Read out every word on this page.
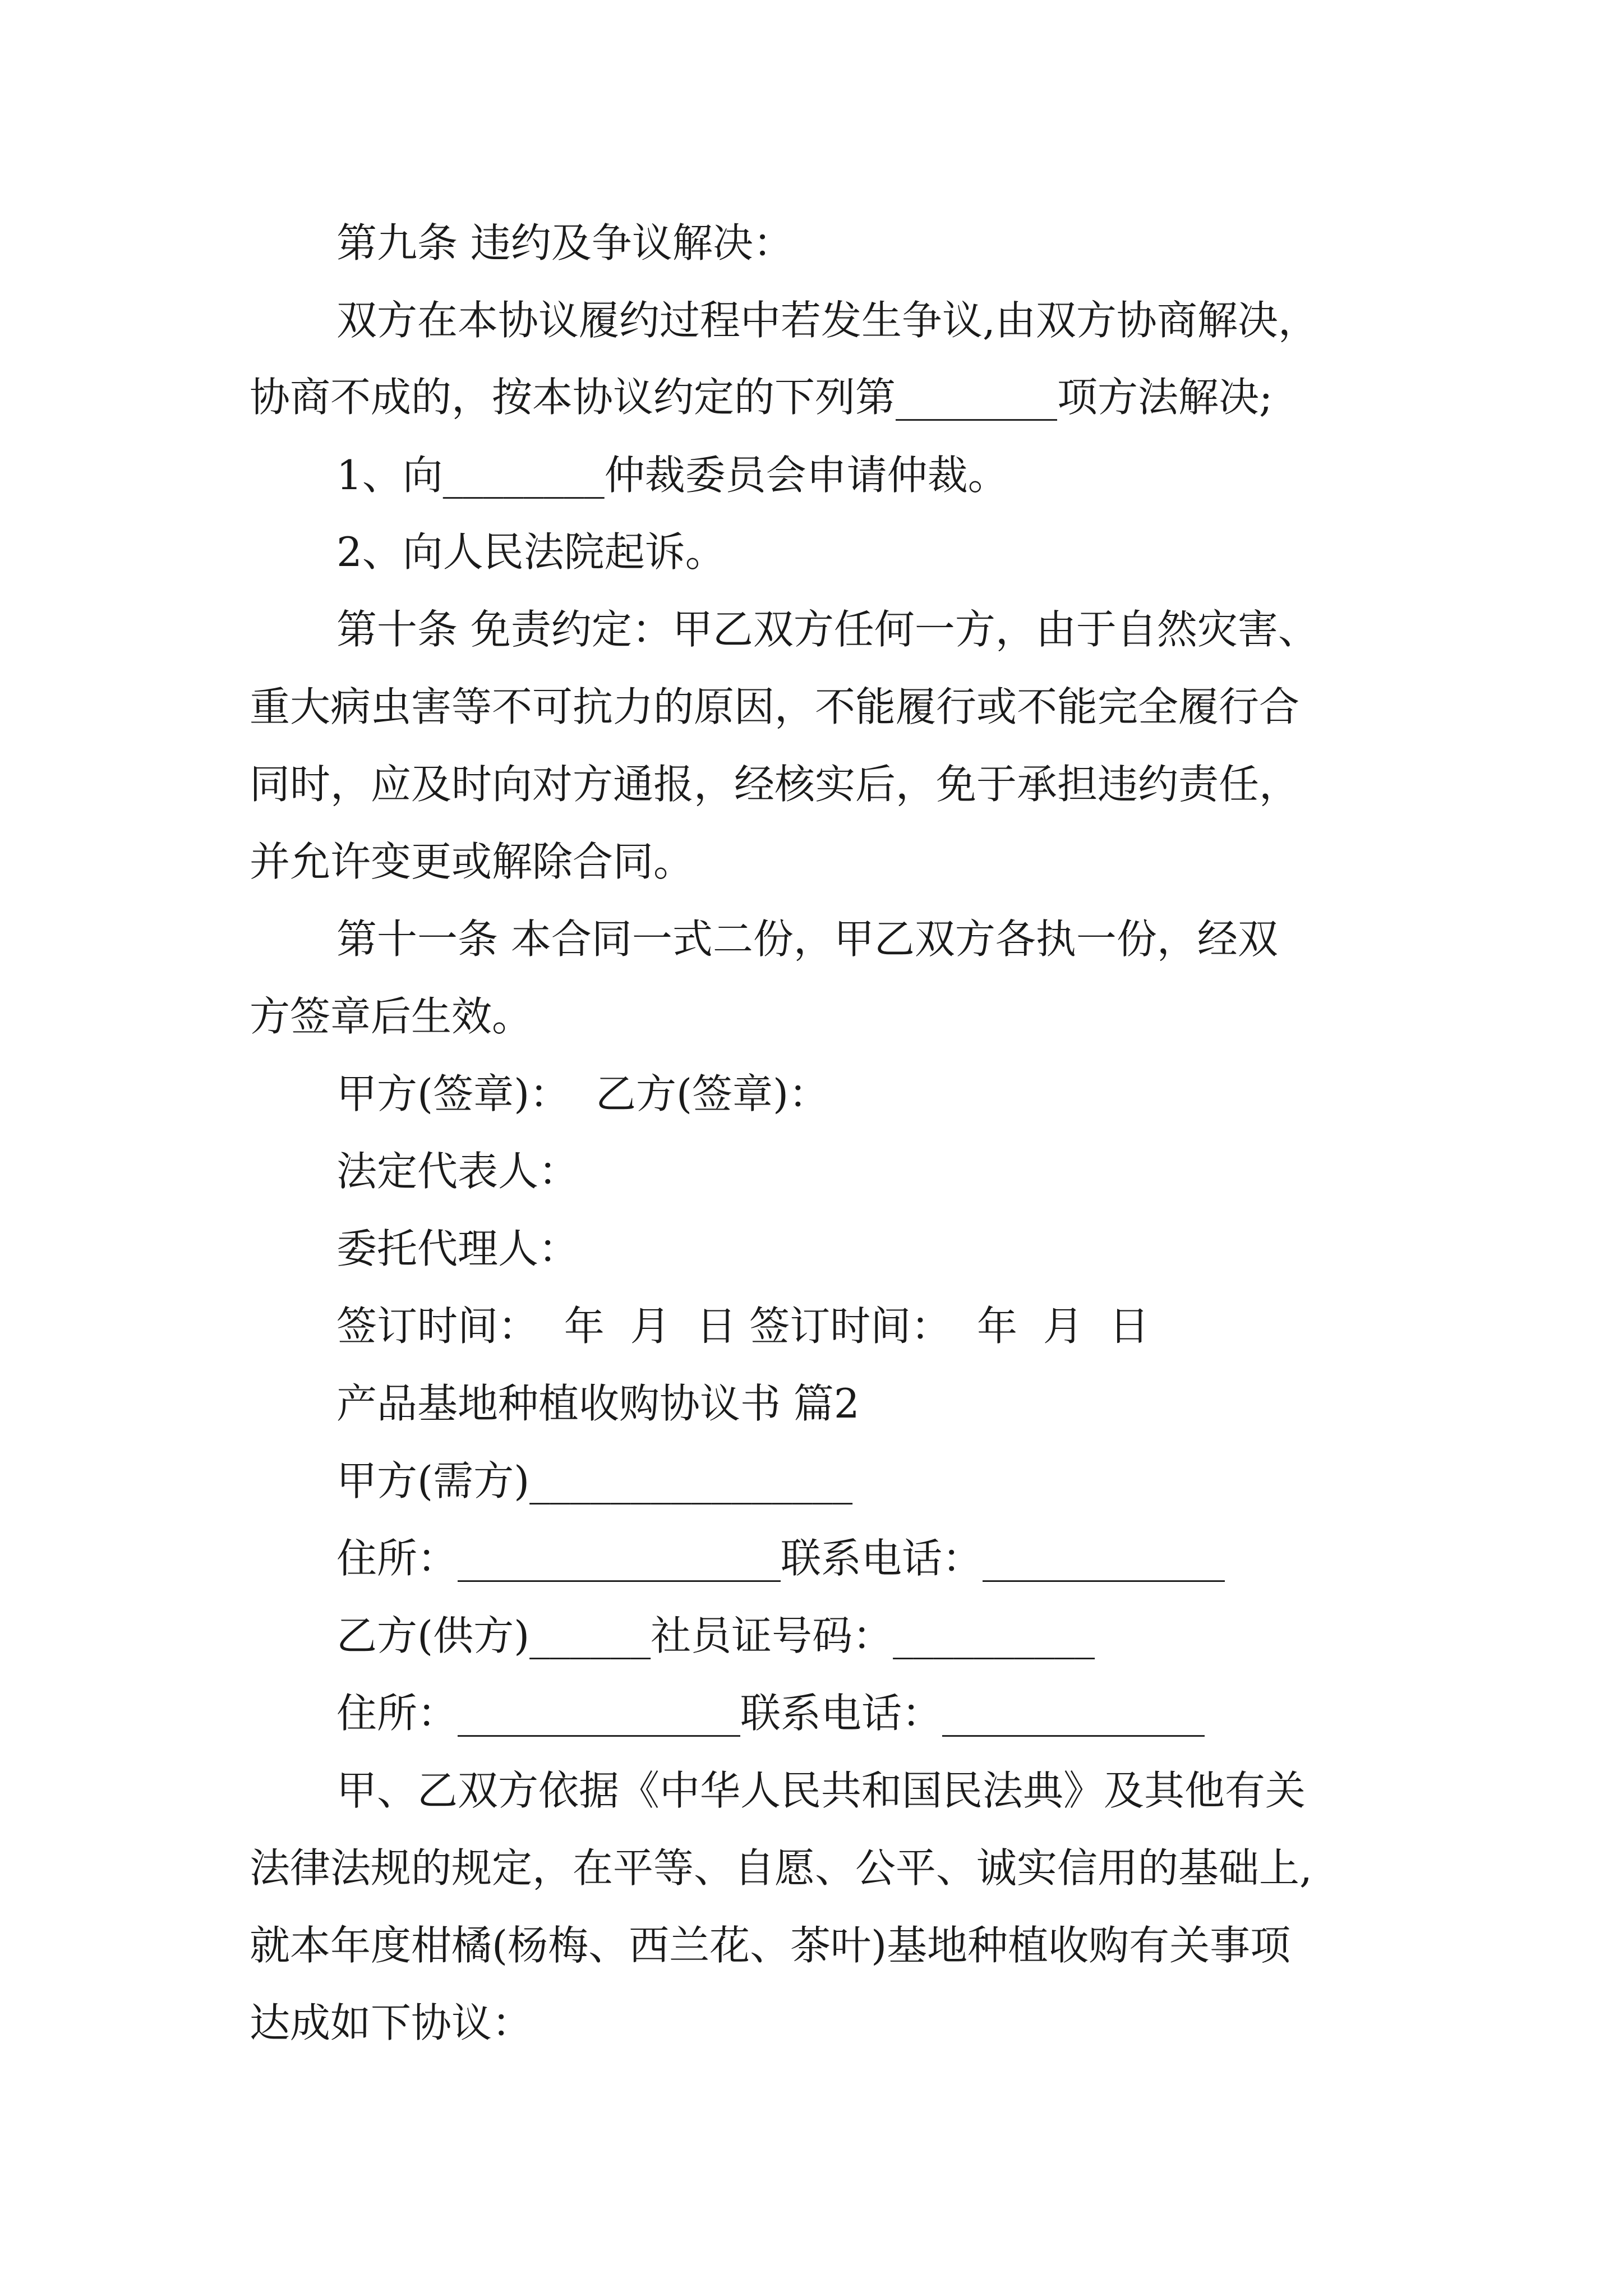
第九条 违约及争议解决：
双方在本协议履约过程中若发生争议,由双方协商解决，
协商不成的，按本协议约定的下列第________项方法解决;
1、向________仲裁委员会申请仲裁。
2、向人民法院起诉。
第十条 免责约定：甲乙双方任何一方，由于自然灾害、
重大病虫害等不可抗力的原因，不能履行或不能完全履行合
同时，应及时向对方通报，经核实后，免于承担违约责任，
并允许变更或解除合同。
第十一条 本合同一式二份，甲乙双方各执一份，经双
方签章后生效。
甲方(签章)：  乙方(签章)：
法定代表人：
委托代理人：
签订时间：  年  月  日 签订时间：  年  月  日
产品基地种植收购协议书 篇2
甲方(需方)________________
住所：________________联系电话：____________
乙方(供方)______社员证号码：__________
住所：______________联系电话：_____________
甲、乙双方依据《中华人民共和国民法典》及其他有关
法律法规的规定，在平等、自愿、公平、诚实信用的基础上,
就本年度柑橘(杨梅、西兰花、茶叶)基地种植收购有关事项
达成如下协议：
